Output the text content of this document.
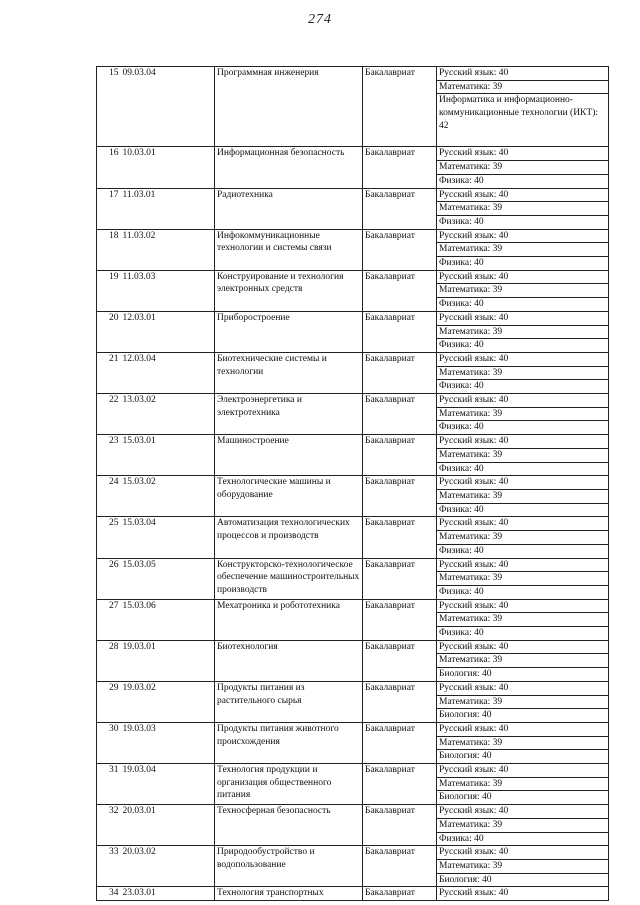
274
15	09.03.04	Программная инженерия	Бакалавриат	Русский язык: 40
				Математика: 39
				Информатика и информационно-коммуникационные технологии (ИКТ): 42
16	10.03.01	Информационная безопасность	Бакалавриат	Русский язык: 40
				Математика: 39
				Физика: 40
17	11.03.01	Радиотехника	Бакалавриат	Русский язык: 40
				Математика: 39
				Физика: 40
18	11.03.02	Инфокоммуникационные технологии и системы связи	Бакалавриат	Русский язык: 40
				Математика: 39
				Физика: 40
19	11.03.03	Конструирование и технология электронных средств	Бакалавриат	Русский язык: 40
				Математика: 39
				Физика: 40
20	12.03.01	Приборостроение	Бакалавриат	Русский язык: 40
				Математика: 39
				Физика: 40
21	12.03.04	Биотехнические системы и технологии	Бакалавриат	Русский язык: 40
				Математика: 39
				Физика: 40
22	13.03.02	Электроэнергетика и электротехника	Бакалавриат	Русский язык: 40
				Математика: 39
				Физика: 40
23	15.03.01	Машиностроение	Бакалавриат	Русский язык: 40
				Математика: 39
				Физика: 40
24	15.03.02	Технологические машины и оборудование	Бакалавриат	Русский язык: 40
				Математика: 39
				Физика: 40
25	15.03.04	Автоматизация технологических процессов и производств	Бакалавриат	Русский язык: 40
				Математика: 39
				Физика: 40
26	15.03.05	Конструкторско-технологическое обеспечение машиностроительных производств	Бакалавриат	Русский язык: 40
				Математика: 39
				Физика: 40
27	15.03.06	Мехатроника и робототехника	Бакалавриат	Русский язык: 40
				Математика: 39
				Физика: 40
28	19.03.01	Биотехнология	Бакалавриат	Русский язык: 40
				Математика: 39
				Биология: 40
29	19.03.02	Продукты питания из растительного сырья	Бакалавриат	Русский язык: 40
				Математика: 39
				Биология: 40
30	19.03.03	Продукты питания животного происхождения	Бакалавриат	Русский язык: 40
				Математика: 39
				Биология: 40
31	19.03.04	Технология продукции и организация общественного питания	Бакалавриат	Русский язык: 40
				Математика: 39
				Биология: 40
32	20.03.01	Техносферная безопасность	Бакалавриат	Русский язык: 40
				Математика: 39
				Физика: 40
33	20.03.02	Природообустройство и водопользование	Бакалавриат	Русский язык: 40
				Математика: 39
				Биология: 40
34	23.03.01	Технология транспортных	Бакалавриат	Русский язык: 40
